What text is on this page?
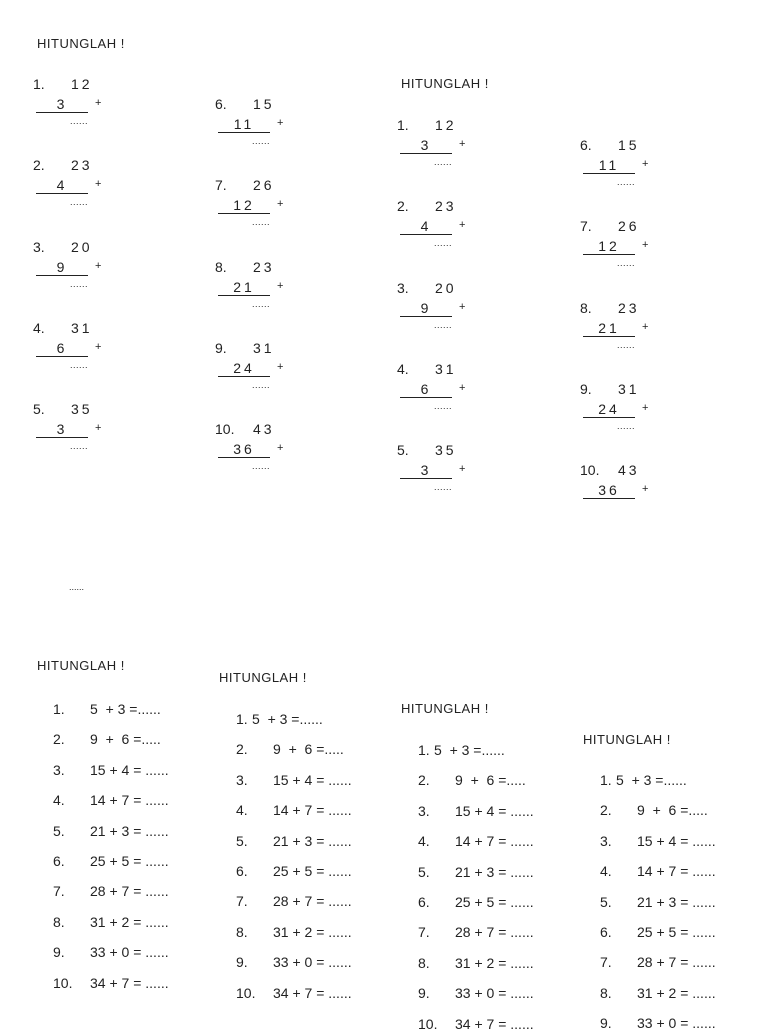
HITUNGLAH !
......
HITUNGLAH !
1. 12
3	+
......
2. 23
4	+
......
3. 20
9	+
......
4. 31
6	+
......
5. 35
3	+
......
6. 15
11	+
......
7. 26
12	+
......
8. 23
21	+
......
9. 31
24	+
......
10. 43
36	+
......
1. 12
3	+
......
2. 23
4	+
......
3. 20
9	+
......
4. 31
6	+
......
5. 35
3	+
......
6. 15
11	+
......
7. 26
12	+
......
8. 23
21	+
......
9. 31
24	+
......
10. 43
36	+
HITUNGLAH !
1. 5  + 3 =......
2. 9  +  6 =.....
3. 15 + 4 = ......
4. 14 + 7 = ......
5. 21 + 3 = ......
6. 25 + 5 = ......
7. 28 + 7 = ......
8. 31 + 2 = ......
9. 33 + 0 = ......
10. 34 + 7 = ......
HITUNGLAH !
1. 5  + 3 =......
2. 9  +  6 =.....
3. 15 + 4 = ......
4. 14 + 7 = ......
5. 21 + 3 = ......
6. 25 + 5 = ......
7. 28 + 7 = ......
8. 31 + 2 = ......
9. 33 + 0 = ......
10. 34 + 7 = ......
HITUNGLAH !
1. 5  + 3 =......
2. 9  +  6 =.....
3. 15 + 4 = ......
4. 14 + 7 = ......
5. 21 + 3 = ......
6. 25 + 5 = ......
7. 28 + 7 = ......
8. 31 + 2 = ......
9. 33 + 0 = ......
10. 34 + 7 = ......
HITUNGLAH !
1. 5  + 3 =......
2. 9  +  6 =.....
3. 15 + 4 = ......
4. 14 + 7 = ......
5. 21 + 3 = ......
6. 25 + 5 = ......
7. 28 + 7 = ......
8. 31 + 2 = ......
9. 33 + 0 = ......
